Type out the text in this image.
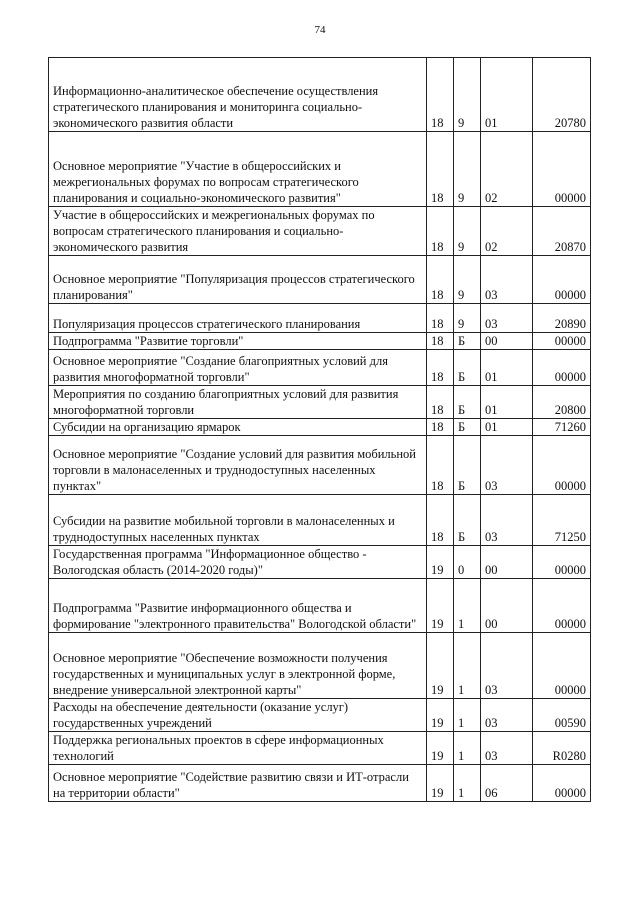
74
Информационно-аналитическое обеспечение осуществления стратегического планирования и мониторинга социально-экономического развития области	18	9	01	20780
Основное мероприятие "Участие в общероссийских и межрегиональных форумах по вопросам стратегического планирования и социально-экономического развития"	18	9	02	00000
Участие в общероссийских и межрегиональных форумах по вопросам стратегического планирования и социально-экономического развития	18	9	02	20870
Основное мероприятие "Популяризация процессов стратегического планирования"	18	9	03	00000
Популяризация процессов стратегического планирования	18	9	03	20890
Подпрограмма "Развитие торговли"	18	Б	00	00000
Основное мероприятие "Создание благоприятных условий для развития многоформатной торговли"	18	Б	01	00000
Мероприятия по созданию благоприятных условий для развития многоформатной торговли	18	Б	01	20800
Субсидии на организацию ярмарок	18	Б	01	71260
Основное мероприятие "Создание условий для развития мобильной торговли в малонаселенных и труднодоступных населенных пунктах"	18	Б	03	00000
Субсидии на развитие мобильной торговли в малонаселенных и труднодоступных населенных пунктах	18	Б	03	71250
Государственная программа "Информационное общество - Вологодская область (2014-2020 годы)"	19	0	00	00000
Подпрограмма "Развитие информационного общества и формирование "электронного правительства" Вологодской области"	19	1	00	00000
Основное мероприятие "Обеспечение возможности получения государственных и муниципальных услуг в электронной форме, внедрение универсальной электронной карты"	19	1	03	00000
Расходы на обеспечение деятельности (оказание услуг) государственных учреждений	19	1	03	00590
Поддержка региональных проектов в сфере информационных технологий	19	1	03	R0280
Основное мероприятие "Содействие развитию связи и ИТ-отрасли на территории области"	19	1	06	00000
